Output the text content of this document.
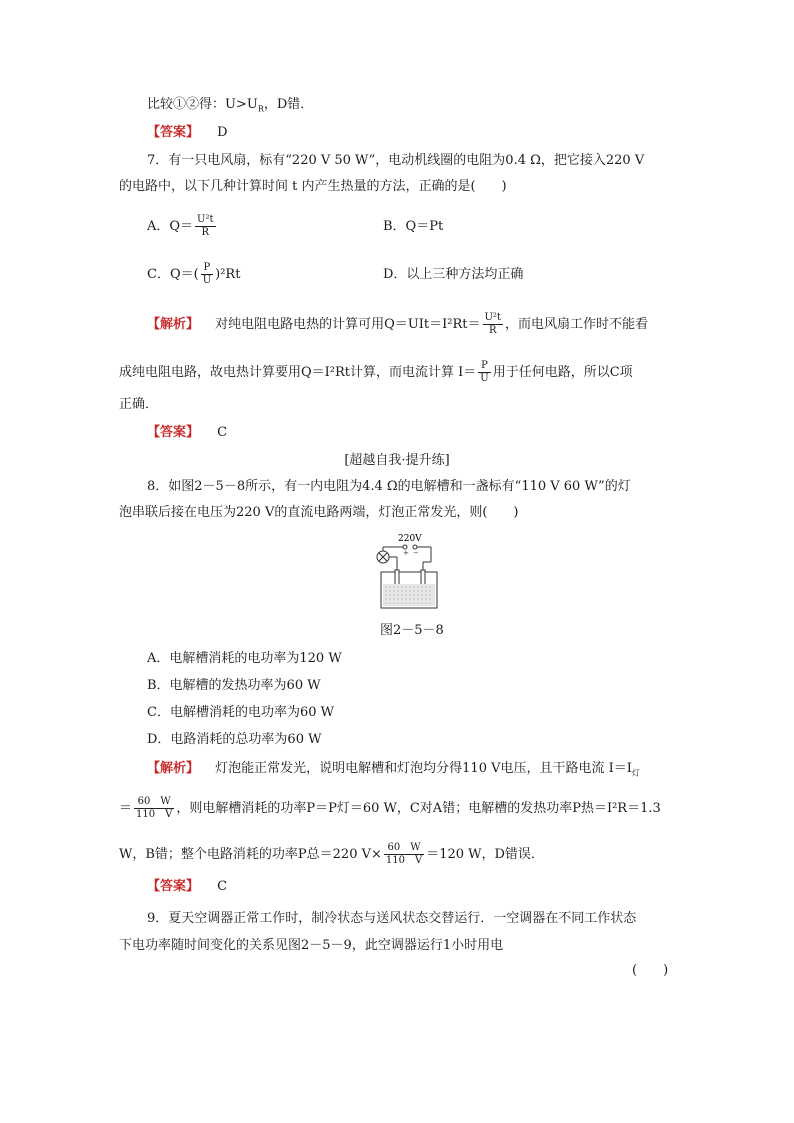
比较①②得：$U>U_R$，D错．
【答案】 D
7．有一只电风扇，标有“220 V 50 W”，电动机线圈的电阻为0.4 Ω，把它接入220 V
的电路中，以下几种计算时间 t 内产生热量的方法，正确的是(　　)
A．$Q= \frac{\text{U²t}}{R}$	B．Q＝Pt
C．$Q=( \frac{P}{U} )^2Rt$	D．以上三种方法均正确
【解析】 对纯电阻电路电热的计算可用$Q=UIt=I^2Rt= \frac{\text{U²t}}{R}$ ，而电风扇工作时不能看
成纯电阻电路，故电热计算要用Q＝I²Rt计算，而电流计算 $I= \frac{P}{U}$ 用于任何电路，所以C项
正确．
【答案】 C
[超越自我·提升练]
8．如图2－5－8所示，有一内电阻为4.4 Ω的电解槽和一盏标有“110 V 60 W”的灯
泡串联后接在电压为220 V的直流电路两端，灯泡正常发光，则(　　)
220V
+ −
图2－5－8
A．电解槽消耗的电功率为120 W
B．电解槽的发热功率为60 W
C．电解槽消耗的电功率为60 W
D．电路消耗的总功率为60 W
【解析】 灯泡能正常发光，说明电解槽和灯泡均分得110 V电压，且干路电流 $I=I_灯$
＝ $\frac{60 W}{110 V}$ ，则电解槽消耗的功率P＝P灯＝60 W，C对A错；电解槽的发热功率P热＝I²R＝1.3
W，B错；整个电路消耗的功率P总＝220 $V\times \frac{60 W}{110 V} =120$ W，D错误．
【答案】 C
9．夏天空调器正常工作时，制冷状态与送风状态交替运行．一空调器在不同工作状态
下电功率随时间变化的关系见图2－5－9，此空调器运行1小时用电
(　　)
